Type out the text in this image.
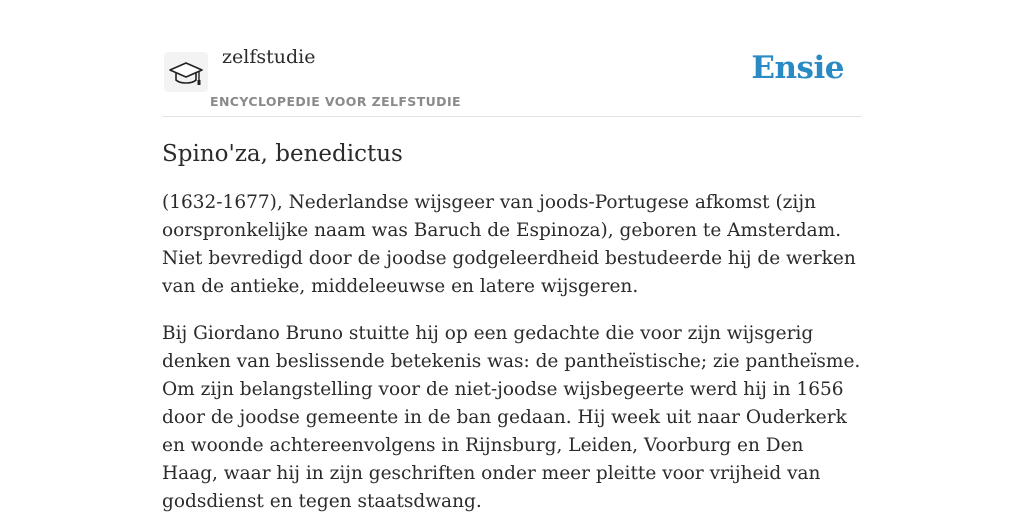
zelfstudie
ENCYCLOPEDIE VOOR ZELFSTUDIE
Ensie
Spino'za, benedictus

(1632-1677), Nederlandse wijsgeer van joods-Portugese afkomst (zijn oorspronkelijke naam was Baruch de Espinoza), geboren te Amsterdam. Niet bevredigd door de joodse godgeleerdheid bestudeerde hij de werken van de antieke, middeleeuwse en latere wijsgeren.

Bij Giordano Bruno stuitte hij op een gedachte die voor zijn wijsgerig denken van beslissende betekenis was: de pantheïstische; zie pantheïsme. Om zijn belangstelling voor de niet-joodse wijsbegeerte werd hij in 1656 door de joodse gemeente in de ban gedaan. Hij week uit naar Ouderkerk en woonde achtereenvolgens in Rijnsburg, Leiden, Voorburg en Den Haag, waar hij in zijn geschriften onder meer pleitte voor vrijheid van godsdienst en tegen staatsdwang.
